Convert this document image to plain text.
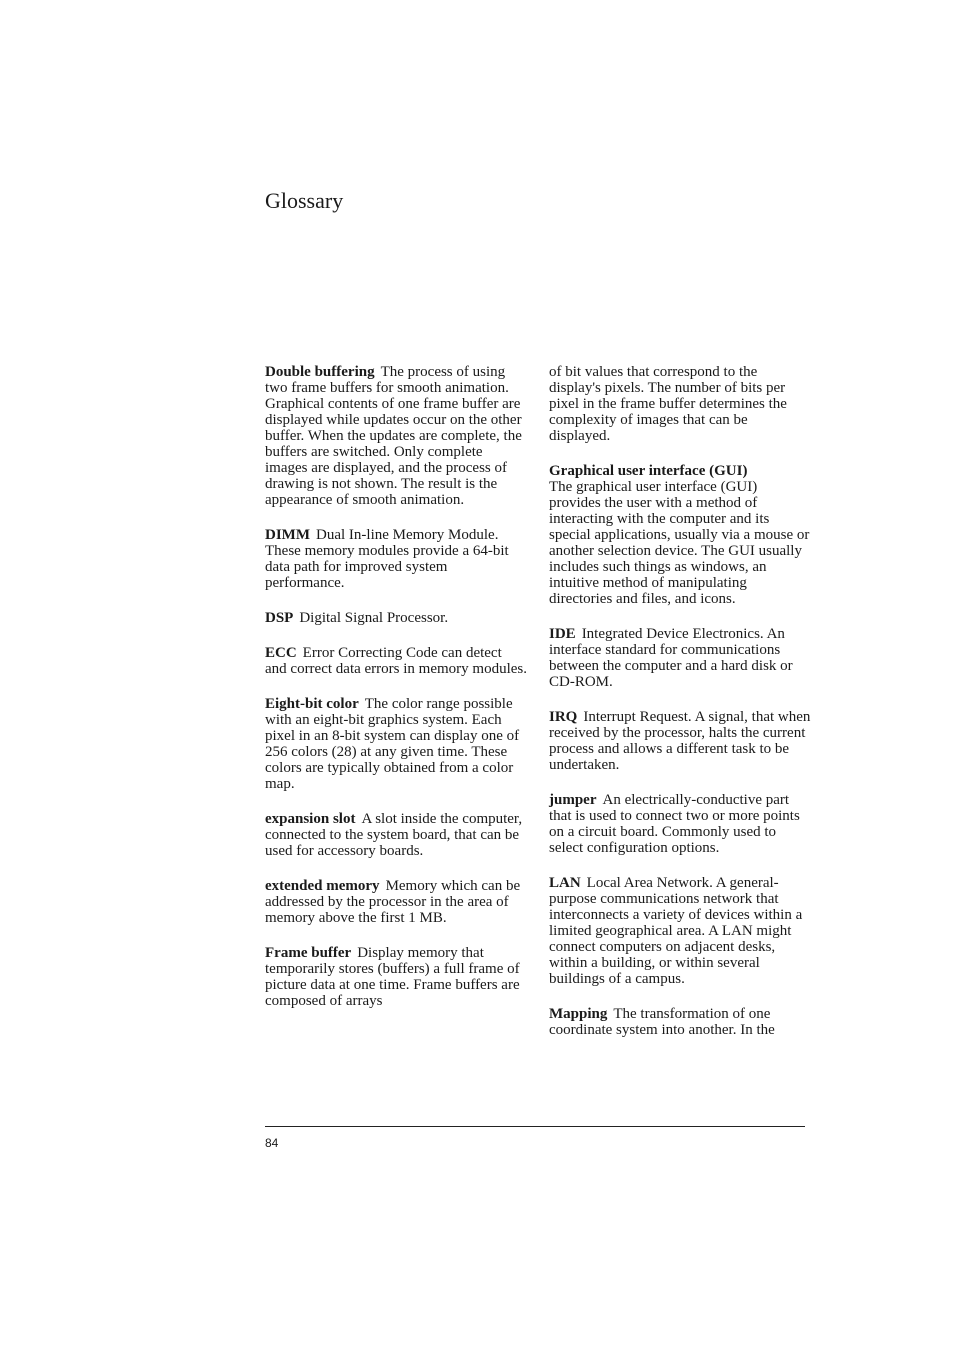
Glossary

Double buffering The process of using two frame buffers for smooth animation. Graphical contents of one frame buffer are displayed while updates occur on the other buffer. When the updates are complete, the buffers are switched. Only complete images are displayed, and the process of drawing is not shown. The result is the appearance of smooth animation.

DIMM Dual In-line Memory Module. These memory modules provide a 64-bit data path for improved system performance.

DSP Digital Signal Processor.

ECC Error Correcting Code can detect and correct data errors in memory modules.

Eight-bit color The color range possible with an eight-bit graphics system. Each pixel in an 8-bit system can display one of 256 colors (28) at any given time. These colors are typically obtained from a color map.

expansion slot A slot inside the computer, connected to the system board, that can be used for accessory boards.

extended memory Memory which can be addressed by the processor in the area of memory above the first 1 MB.

Frame buffer Display memory that temporarily stores (buffers) a full frame of picture data at one time. Frame buffers are composed of arrays

of bit values that correspond to the display's pixels. The number of bits per pixel in the frame buffer determines the complexity of images that can be displayed.

Graphical user interface (GUI)
The graphical user interface (GUI) provides the user with a method of interacting with the computer and its special applications, usually via a mouse or another selection device. The GUI usually includes such things as windows, an intuitive method of manipulating directories and files, and icons.

IDE Integrated Device Electronics. An interface standard for communications between the computer and a hard disk or CD-ROM.

IRQ Interrupt Request. A signal, that when received by the processor, halts the current process and allows a different task to be undertaken.

jumper An electrically-conductive part that is used to connect two or more points on a circuit board. Commonly used to select configuration options.

LAN Local Area Network. A general-purpose communications network that interconnects a variety of devices within a limited geographical area. A LAN might connect computers on adjacent desks, within a building, or within several buildings of a campus.

Mapping The transformation of one coordinate system into another. In the

84
